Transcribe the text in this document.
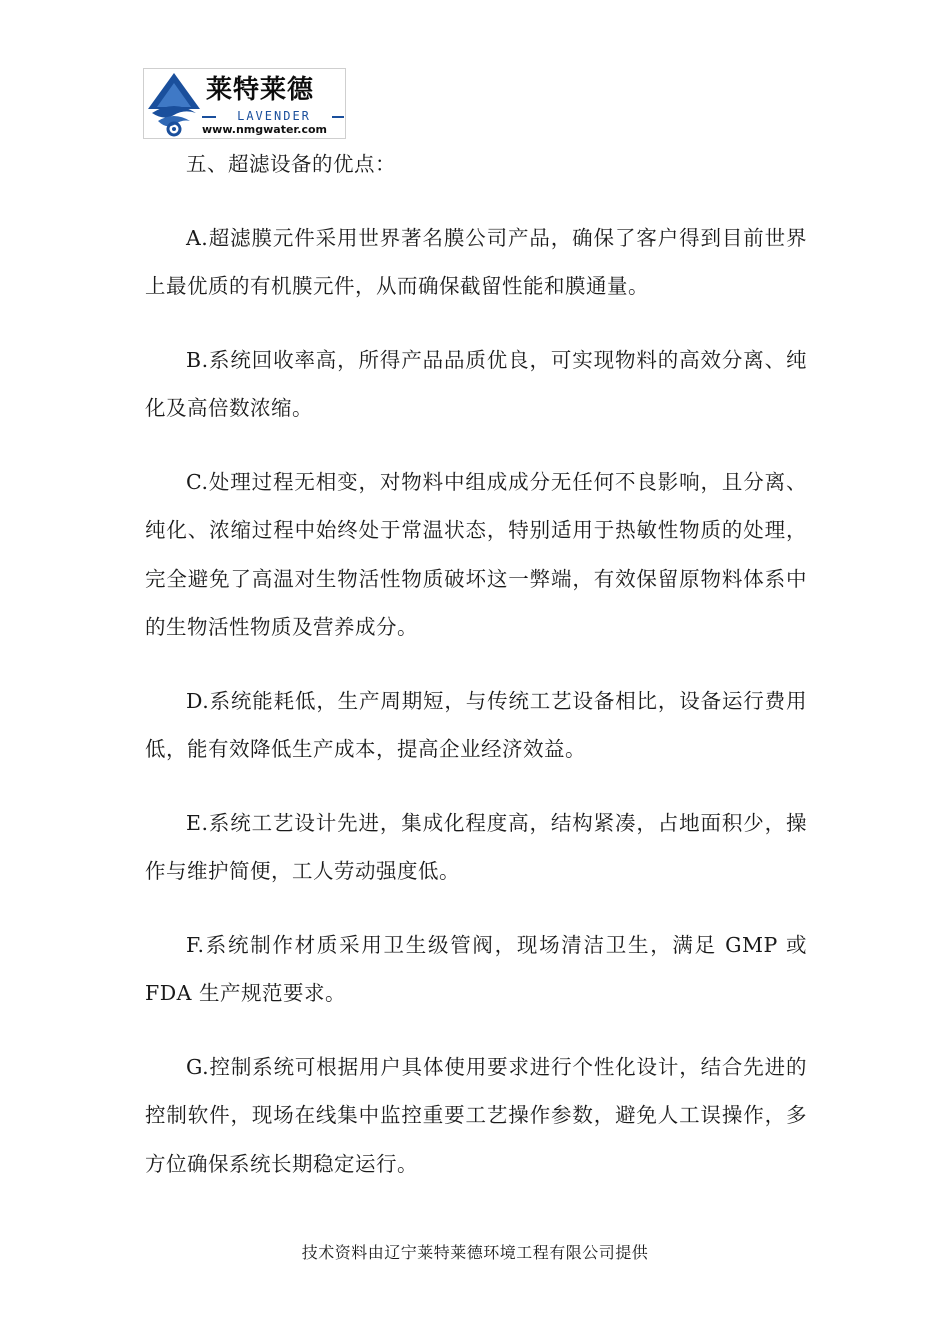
莱特莱德
LAVENDER
www.nmgwater.com

五、超滤设备的优点：

A.超滤膜元件采用世界著名膜公司产品，确保了客户得到目前世界上最优质的有机膜元件，从而确保截留性能和膜通量。

B.系统回收率高，所得产品品质优良，可实现物料的高效分离、纯化及高倍数浓缩。

C.处理过程无相变，对物料中组成成分无任何不良影响，且分离、纯化、浓缩过程中始终处于常温状态，特别适用于热敏性物质的处理，完全避免了高温对生物活性物质破坏这一弊端，有效保留原物料体系中的生物活性物质及营养成分。

D.系统能耗低，生产周期短，与传统工艺设备相比，设备运行费用低，能有效降低生产成本，提高企业经济效益。

E.系统工艺设计先进，集成化程度高，结构紧凑，占地面积少，操作与维护简便，工人劳动强度低。

F.系统制作材质采用卫生级管阀，现场清洁卫生，满足 GMP 或 FDA 生产规范要求。

G.控制系统可根据用户具体使用要求进行个性化设计，结合先进的控制软件，现场在线集中监控重要工艺操作参数，避免人工误操作，多方位确保系统长期稳定运行。

技术资料由辽宁莱特莱德环境工程有限公司提供
